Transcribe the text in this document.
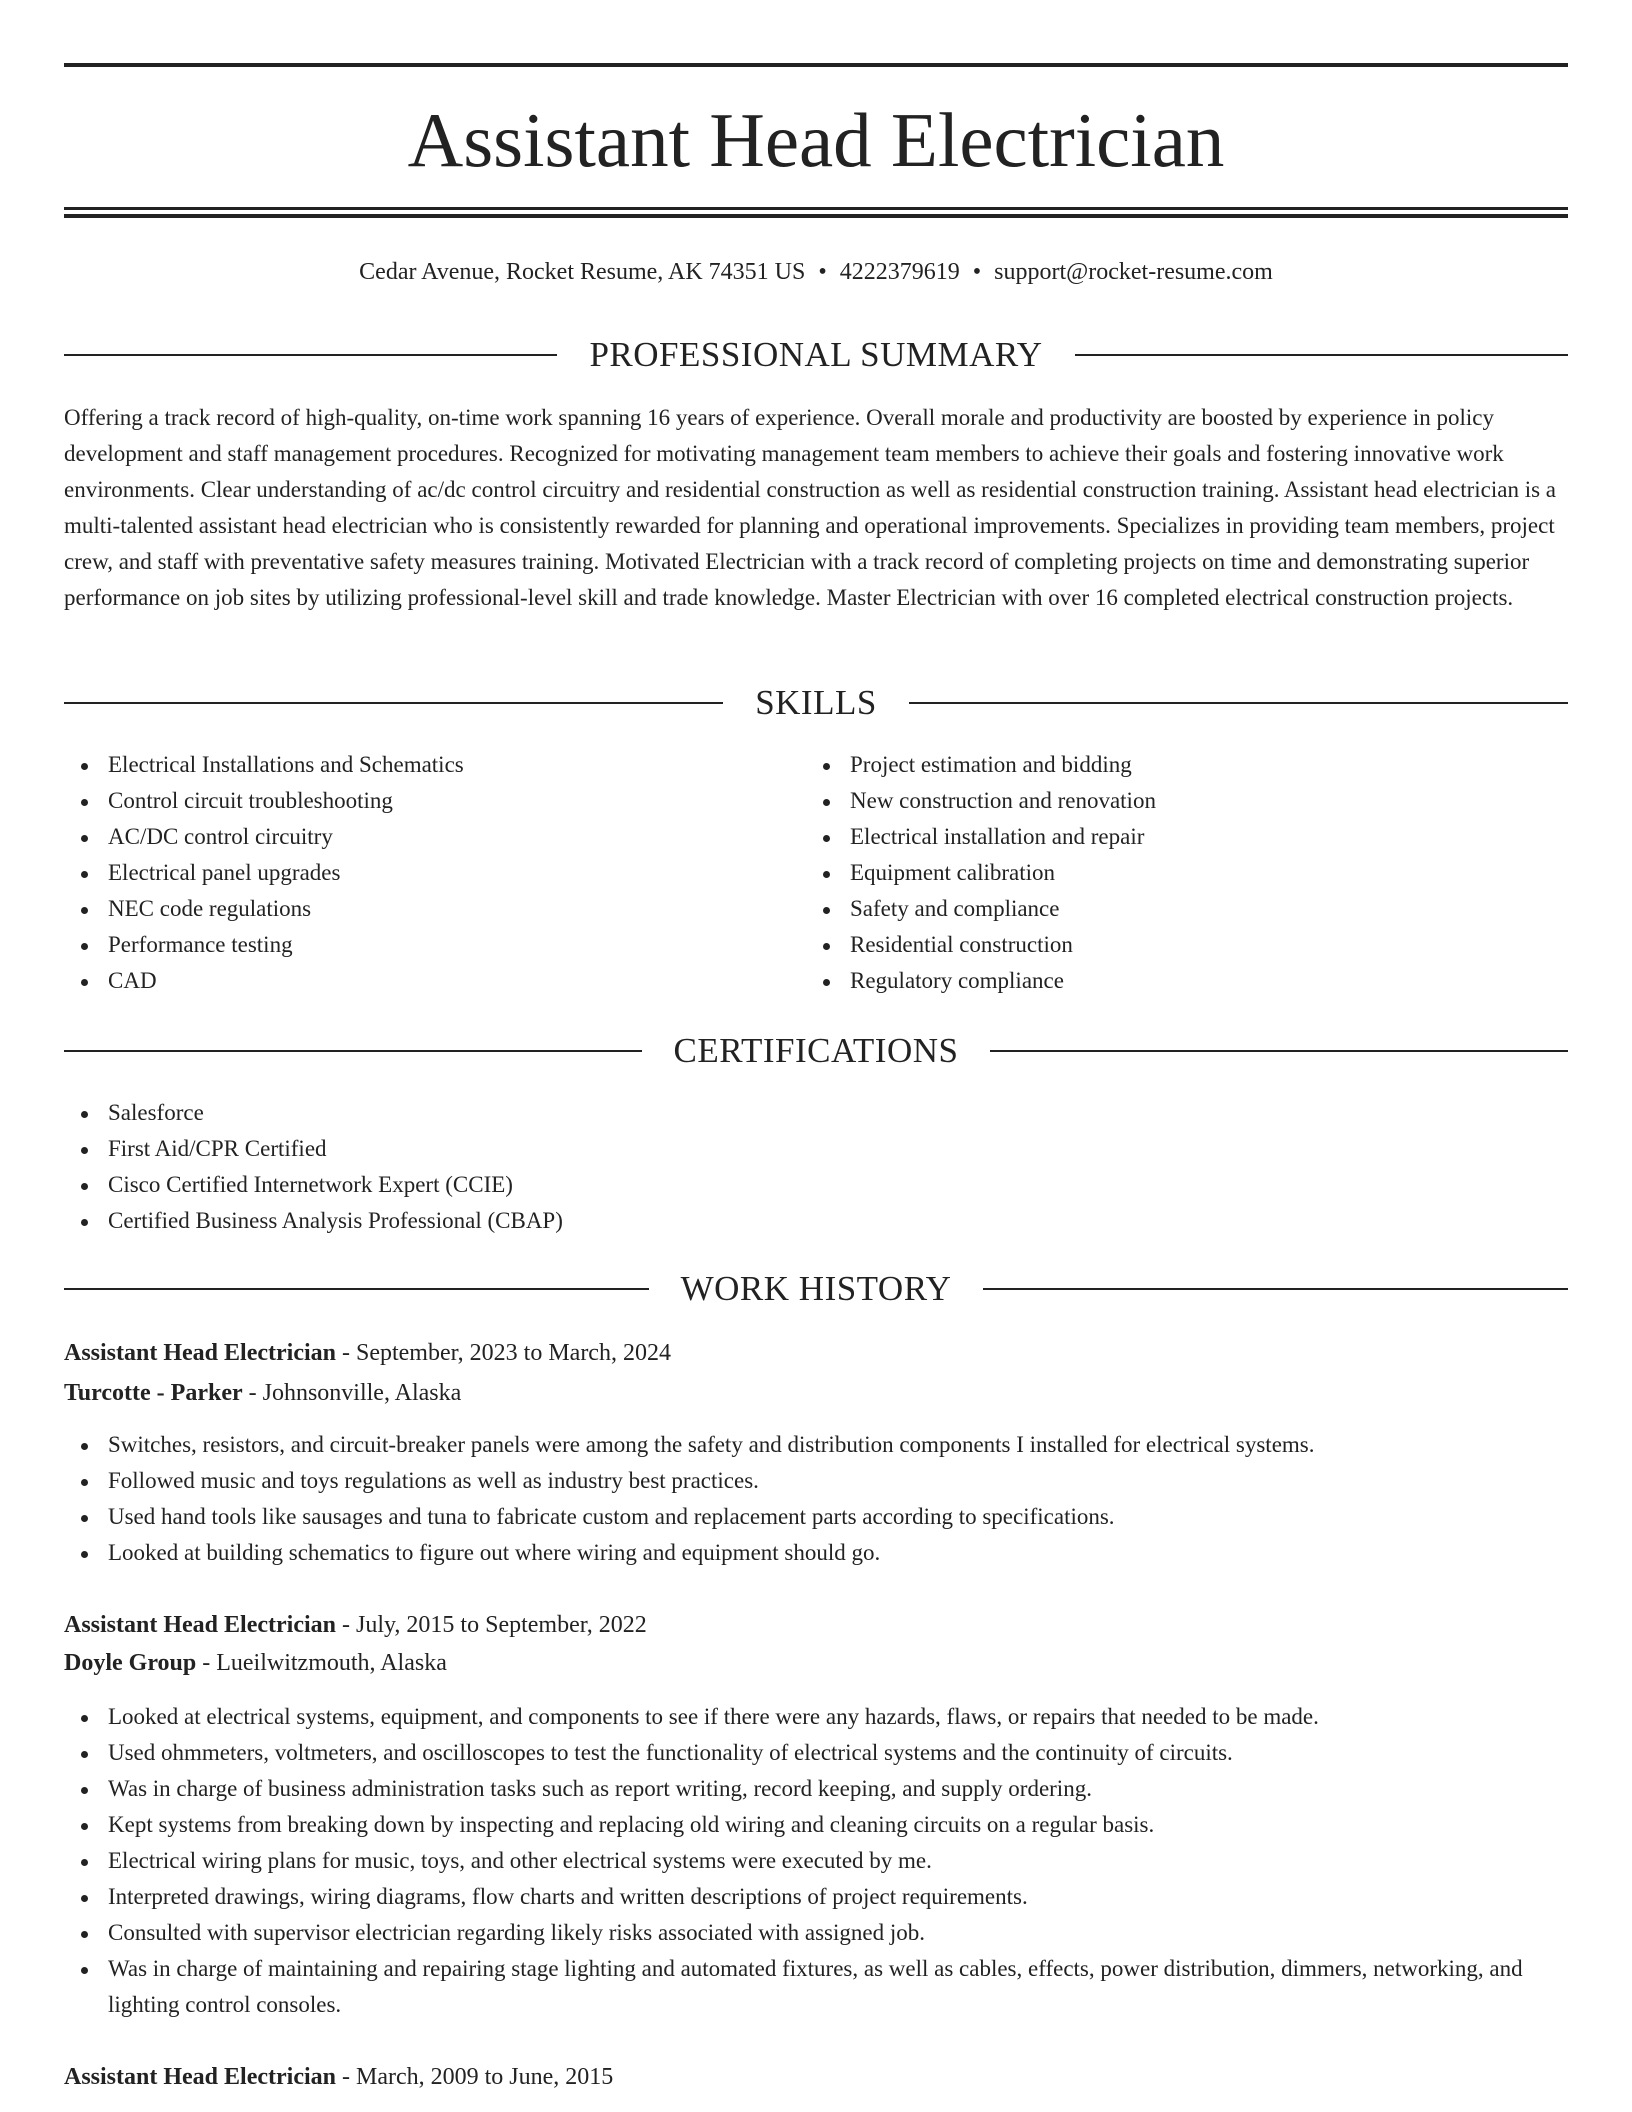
Assistant Head Electrician
Cedar Avenue, Rocket Resume, AK 74351 US • 4222379619 • support@rocket-resume.com
PROFESSIONAL SUMMARY

Offering a track record of high-quality, on-time work spanning 16 years of experience. Overall morale and productivity are boosted by experience in policy development and staff management procedures. Recognized for motivating management team members to achieve their goals and fostering innovative work environments. Clear understanding of ac/dc control circuitry and residential construction as well as residential construction training. Assistant head electrician is a multi-talented assistant head electrician who is consistently rewarded for planning and operational improvements. Specializes in providing team members, project crew, and staff with preventative safety measures training. Motivated Electrician with a track record of completing projects on time and demonstrating superior performance on job sites by utilizing professional-level skill and trade knowledge. Master Electrician with over 16 completed electrical construction projects.

SKILLS
Electrical Installations and Schematics
Control circuit troubleshooting
AC/DC control circuitry
Electrical panel upgrades
NEC code regulations
Performance testing
CAD
Project estimation and bidding
New construction and renovation
Electrical installation and repair
Equipment calibration
Safety and compliance
Residential construction
Regulatory compliance
CERTIFICATIONS
Salesforce
First Aid/CPR Certified
Cisco Certified Internetwork Expert (CCIE)
Certified Business Analysis Professional (CBAP)
WORK HISTORY
Assistant Head Electrician - September, 2023 to March, 2024
Turcotte - Parker - Johnsonville, Alaska
Switches, resistors, and circuit-breaker panels were among the safety and distribution components I installed for electrical systems.
Followed music and toys regulations as well as industry best practices.
Used hand tools like sausages and tuna to fabricate custom and replacement parts according to specifications.
Looked at building schematics to figure out where wiring and equipment should go.
Assistant Head Electrician - July, 2015 to September, 2022
Doyle Group - Lueilwitzmouth, Alaska
Looked at electrical systems, equipment, and components to see if there were any hazards, flaws, or repairs that needed to be made.
Used ohmmeters, voltmeters, and oscilloscopes to test the functionality of electrical systems and the continuity of circuits.
Was in charge of business administration tasks such as report writing, record keeping, and supply ordering.
Kept systems from breaking down by inspecting and replacing old wiring and cleaning circuits on a regular basis.
Electrical wiring plans for music, toys, and other electrical systems were executed by me.
Interpreted drawings, wiring diagrams, flow charts and written descriptions of project requirements.
Consulted with supervisor electrician regarding likely risks associated with assigned job.
Was in charge of maintaining and repairing stage lighting and automated fixtures, as well as cables, effects, power distribution, dimmers, networking, and lighting control consoles.
Assistant Head Electrician - March, 2009 to June, 2015
